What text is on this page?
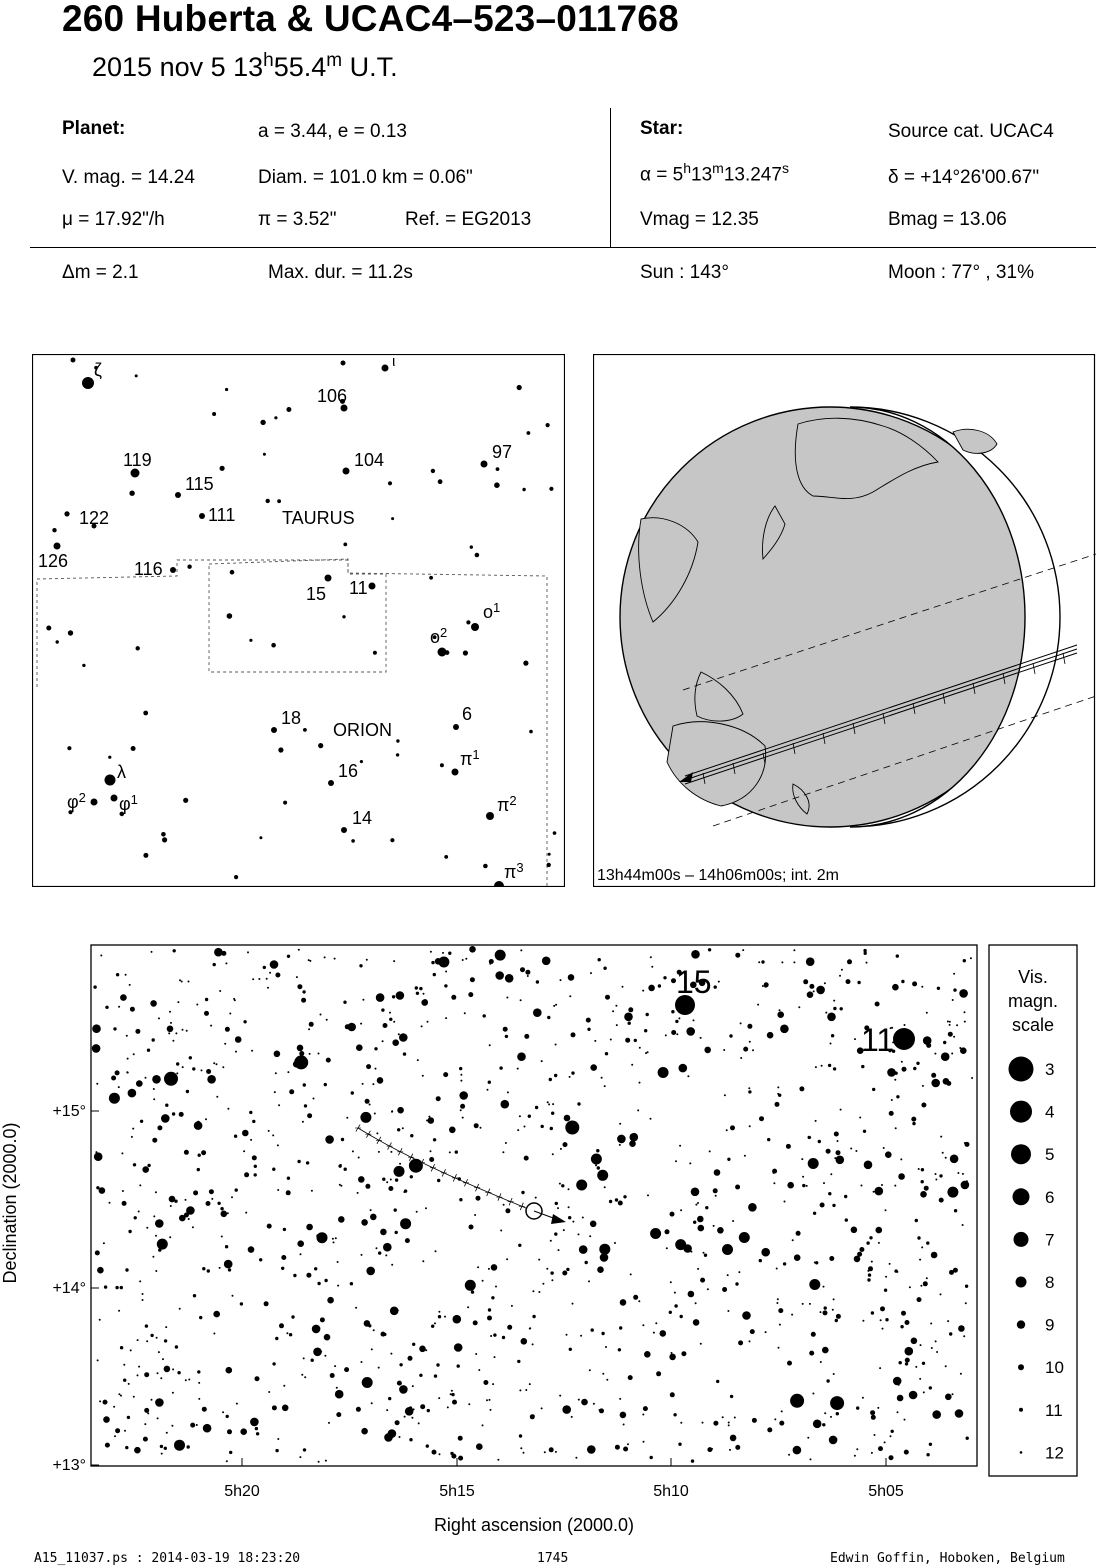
260 Huberta & UCAC4–523–011768
2015 nov 5 13$^h$55.4$^m$ U.T.
Planet:	a = 3.44, e = 0.13
V. mag. = 14.24	Diam. = 101.0 km = 0.06"
μ = 17.92"/h	π = 3.52"	Ref. = EG2013
Star:	Source cat. UCAC4
$\alpha = 5^h13^m13.247^s$	δ = +14°26'00.67"
Vmag = 12.35	Bmag = 13.06
Δm = 2.1	Max. dur. = 11.2s	Sun : 143°	Moon : 77° , 31%
ζ	ι
106
104	97
119
115
122	111
126	116
15 11
$o^1$
$o^2$
18	6
λ
$\pi^1$
$\varphi^2$ $\varphi^1$
16
$\pi^2$
14
$\pi^3$
TAURUS
ORION
13h44m00s – 14h06m00s; int. 2m
15
11
+15°
+14°
+13°
5h20	5h15	5h10	5h05
Right ascension (2000.0)
Declination (2000.0)
Vis.
magn.
scale
3
4
5
6
7
8
9
10
11
12
A15_11037.ps : 2014-03-19 18:23:20	1745	Edwin Goffin, Hoboken, Belgium
